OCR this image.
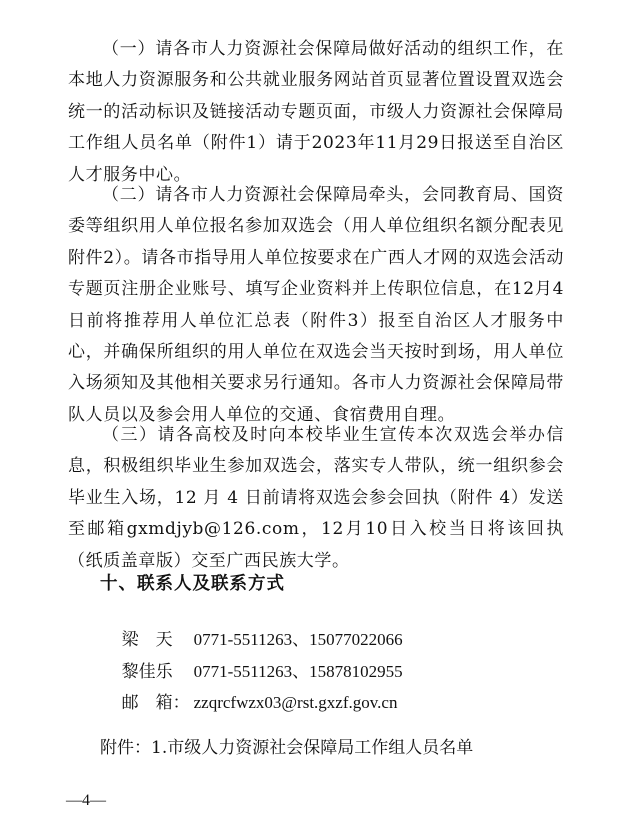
（一）请各市人力资源社会保障局做好活动的组织工作，在本地人力资源服务和公共就业服务网站首页显著位置设置双选会统一的活动标识及链接活动专题页面，市级人力资源社会保障局工作组人员名单（附件1）请于2023年11月29日报送至自治区人才服务中心。

（二）请各市人力资源社会保障局牵头，会同教育局、国资委等组织用人单位报名参加双选会（用人单位组织名额分配表见附件2）。请各市指导用人单位按要求在广西人才网的双选会活动专题页注册企业账号、填写企业资料并上传职位信息，在12月4日前将推荐用人单位汇总表（附件3）报至自治区人才服务中心，并确保所组织的用人单位在双选会当天按时到场，用人单位入场须知及其他相关要求另行通知。各市人力资源社会保障局带队人员以及参会用人单位的交通、食宿费用自理。

（三）请各高校及时向本校毕业生宣传本次双选会举办信息，积极组织毕业生参加双选会，落实专人带队，统一组织参会毕业生入场，12 月 4 日前请将双选会参会回执（附件 4）发送至邮箱gxmdjyb@126.com，12月10日入校当日将该回执（纸质盖章版）交至广西民族大学。

十、联系人及联系方式

梁　天 0771-5511263、15077022066

黎佳乐 0771-5511263、15878102955

邮　箱： zzqrcfwzx03@rst.gxzf.gov.cn

附件：1.市级人力资源社会保障局工作组人员名单
—4—
